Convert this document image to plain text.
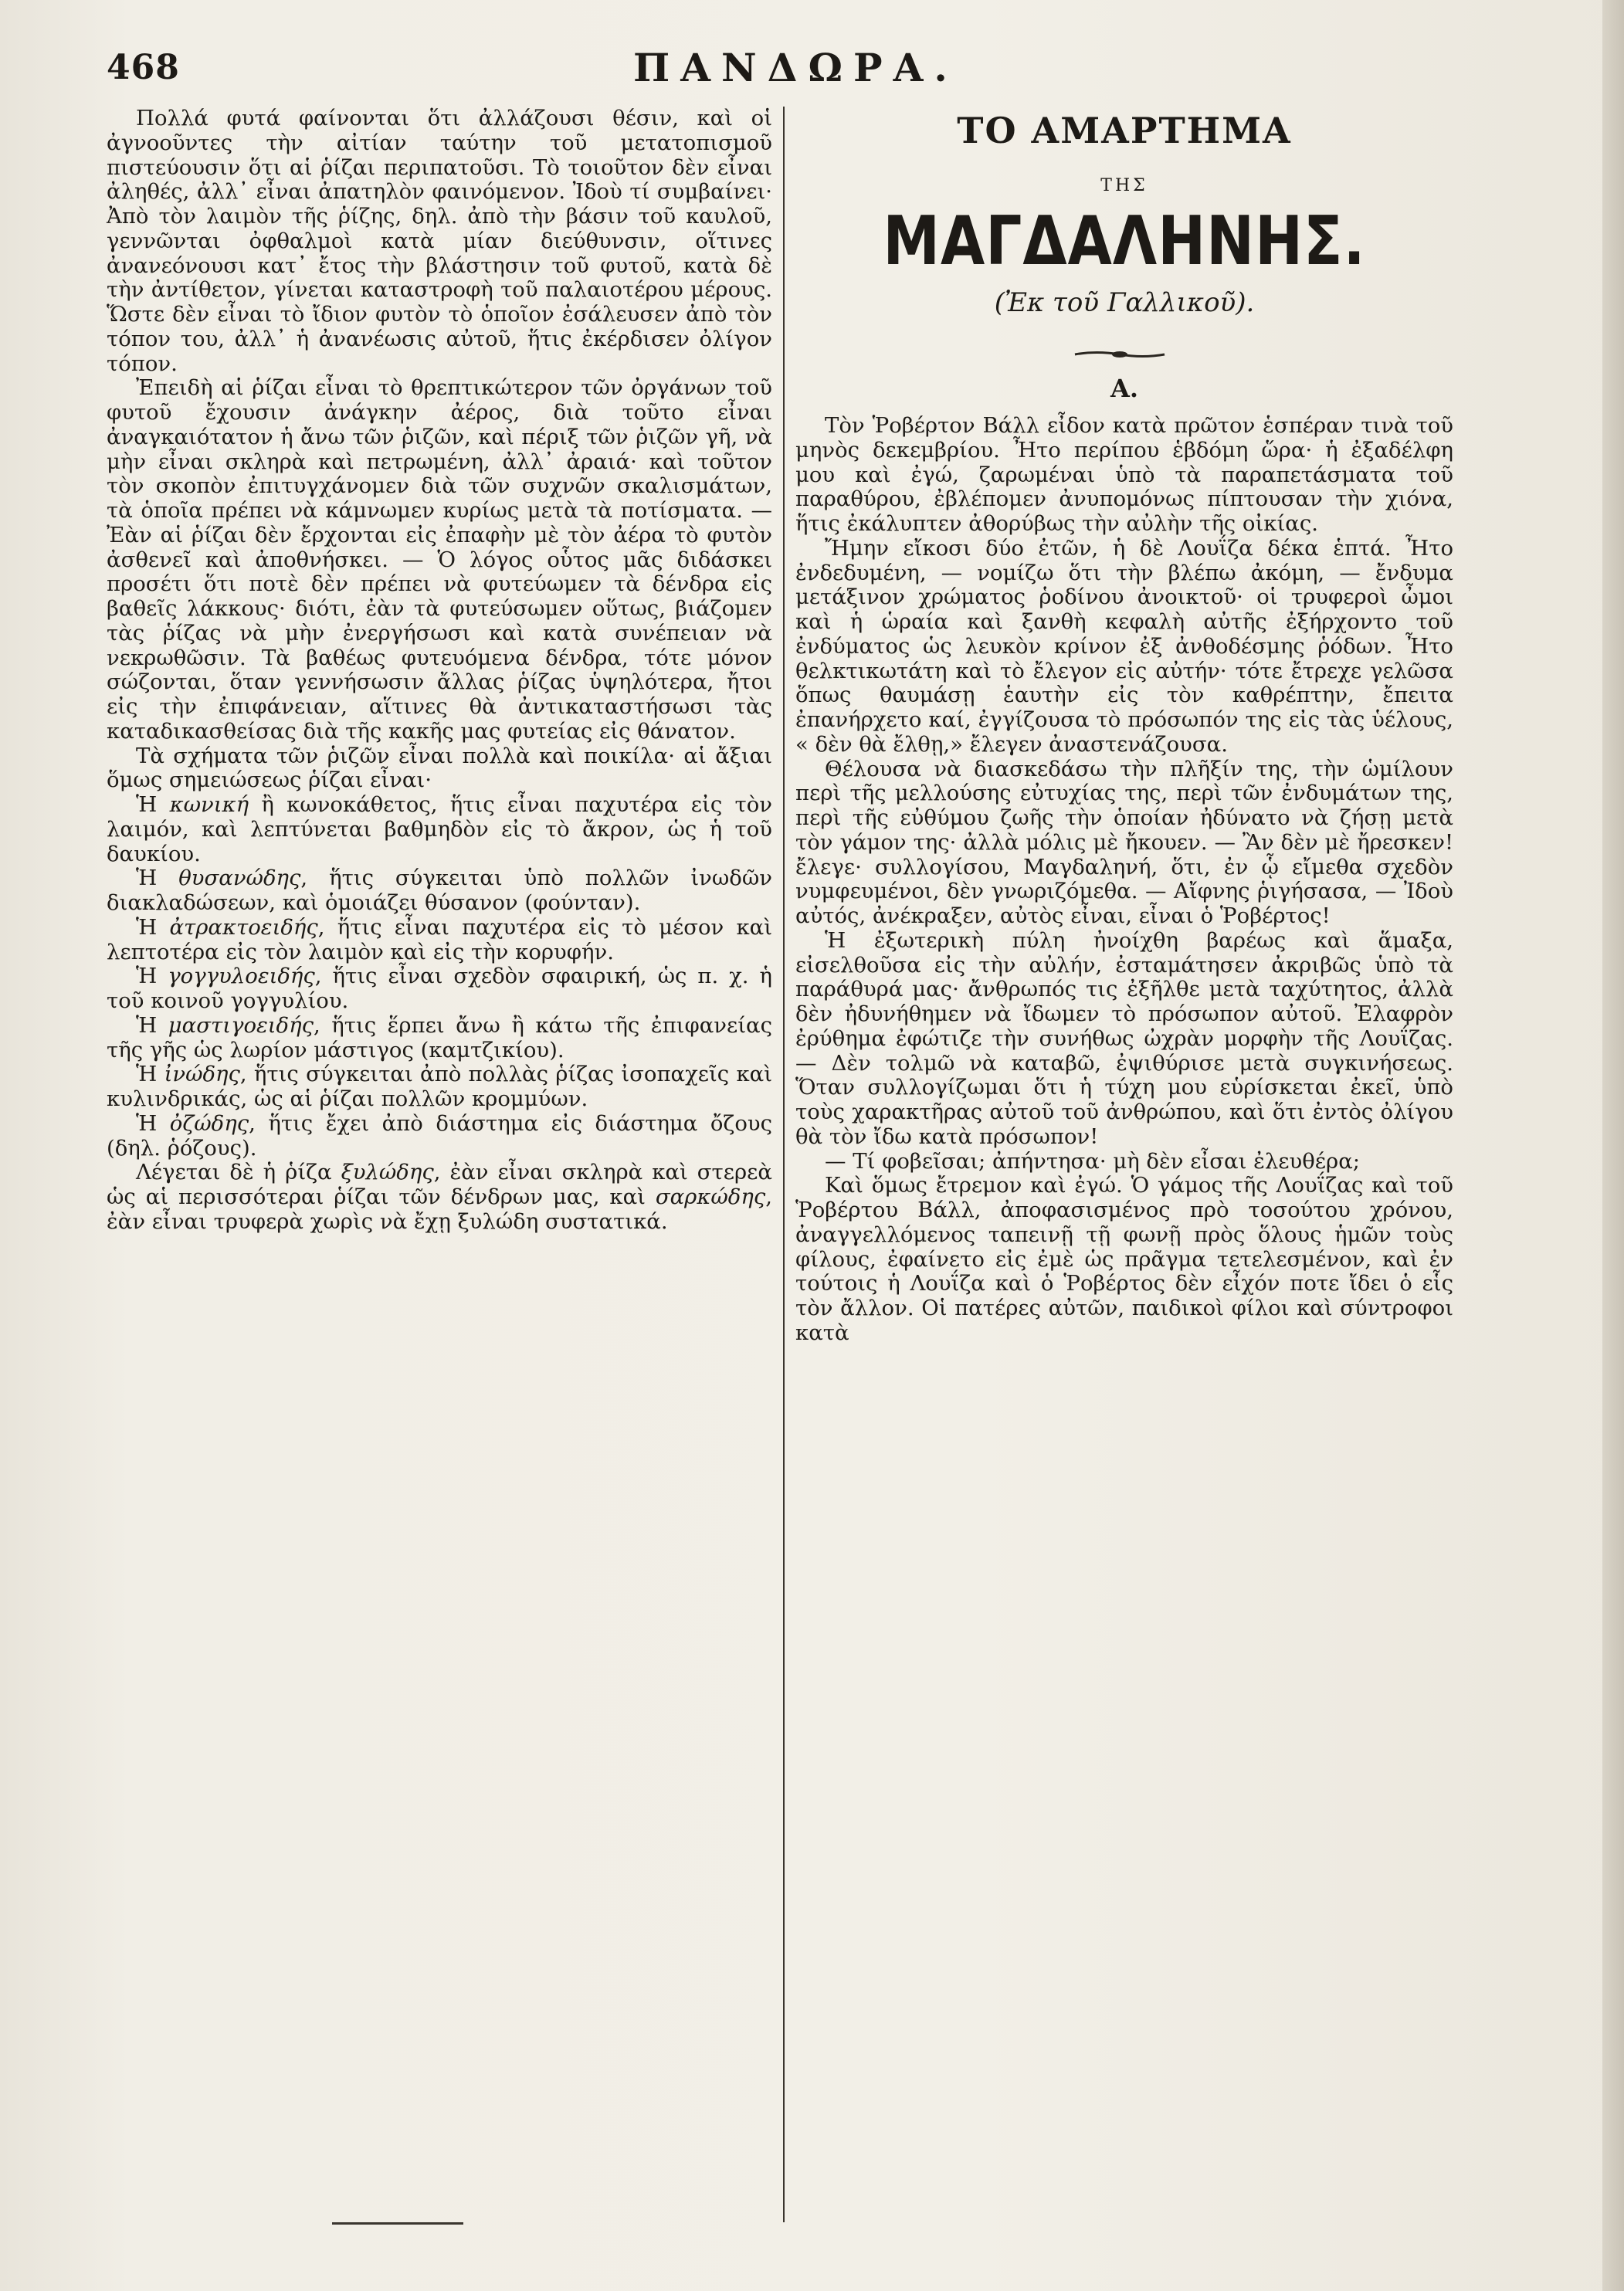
468	ΠΑΝΔΩΡΑ.

Πολλά φυτά φαίνονται ὅτι ἀλλάζουσι θέσιν, καὶ οἱ ἀγνοοῦντες τὴν αἰτίαν ταύτην τοῦ μετατοπισμοῦ πιστεύουσιν ὅτι αἱ ῥίζαι περιπατοῦσι. Τὸ τοιοῦτον δὲν εἶναι ἀληθές, ἀλλ᾽ εἶναι ἀπατηλὸν φαινόμενον. Ἰδοὺ τί συμβαίνει· Ἀπὸ τὸν λαιμὸν τῆς ῥίζης, δηλ. ἀπὸ τὴν βάσιν τοῦ καυλοῦ, γεννῶνται ὀφθαλμοὶ κατὰ μίαν διεύθυνσιν, οἵτινες ἀνανεόνουσι κατ᾽ ἔτος τὴν βλάστησιν τοῦ φυτοῦ, κατὰ δὲ τὴν ἀντίθετον, γίνεται καταστροφὴ τοῦ παλαιοτέρου μέρους. Ὥστε δὲν εἶναι τὸ ἴδιον φυτὸν τὸ ὁποῖον ἐσάλευσεν ἀπὸ τὸν τόπον του, ἀλλ᾽ ἡ ἀνανέωσις αὐτοῦ, ἥτις ἐκέρδισεν ὀλίγον τόπον.

Ἐπειδὴ αἱ ῥίζαι εἶναι τὸ θρεπτικώτερον τῶν ὀργάνων τοῦ φυτοῦ ἔχουσιν ἀνάγκην ἀέρος, διὰ τοῦτο εἶναι ἀναγκαιότατον ἡ ἄνω τῶν ῥιζῶν, καὶ πέριξ τῶν ῥιζῶν γῆ, νὰ μὴν εἶναι σκληρὰ καὶ πετρωμένη, ἀλλ᾽ ἀραιά· καὶ τοῦτον τὸν σκοπὸν ἐπιτυγχάνομεν διὰ τῶν συχνῶν σκαλισμάτων, τὰ ὁποῖα πρέπει νὰ κάμνωμεν κυρίως μετὰ τὰ ποτίσματα. — Ἐὰν αἱ ῥίζαι δὲν ἔρχονται εἰς ἐπαφὴν μὲ τὸν ἀέρα τὸ φυτὸν ἀσθενεῖ καὶ ἀποθνήσκει. — Ὁ λόγος οὗτος μᾶς διδάσκει προσέτι ὅτι ποτὲ δὲν πρέπει νὰ φυτεύωμεν τὰ δένδρα εἰς βαθεῖς λάκκους· διότι, ἐὰν τὰ φυτεύσωμεν οὕτως, βιάζομεν τὰς ῥίζας νὰ μὴν ἐνεργήσωσι καὶ κατὰ συνέπειαν νὰ νεκρωθῶσιν. Τὰ βαθέως φυτευόμενα δένδρα, τότε μόνον σώζονται, ὅταν γεννήσωσιν ἄλλας ῥίζας ὑψηλότερα, ἤτοι εἰς τὴν ἐπιφάνειαν, αἵτινες θὰ ἀντικαταστήσωσι τὰς καταδικασθείσας διὰ τῆς κακῆς μας φυτείας εἰς θάνατον.

Τὰ σχήματα τῶν ῥιζῶν εἶναι πολλὰ καὶ ποικίλα· αἱ ἄξιαι ὅμως σημειώσεως ῥίζαι εἶναι·

Ἡ κωνική ἢ κωνοκάθετος, ἥτις εἶναι παχυτέρα εἰς τὸν λαιμόν, καὶ λεπτύνεται βαθμηδὸν εἰς τὸ ἄκρον, ὡς ἡ τοῦ δαυκίου.

Ἡ θυσανώδης, ἥτις σύγκειται ὑπὸ πολλῶν ἰνωδῶν διακλαδώσεων, καὶ ὁμοιάζει θύσανον (φούνταν).

Ἡ ἀτρακτοειδής, ἥτις εἶναι παχυτέρα εἰς τὸ μέσον καὶ λεπτοτέρα εἰς τὸν λαιμὸν καὶ εἰς τὴν κορυφήν.

Ἡ γογγυλοειδής, ἥτις εἶναι σχεδὸν σφαιρική, ὡς π. χ. ἡ τοῦ κοινοῦ γογγυλίου.

Ἡ μαστιγοειδής, ἥτις ἕρπει ἄνω ἢ κάτω τῆς ἐπιφανείας τῆς γῆς ὡς λωρίον μάστιγος (καμτζικίου).

Ἡ ἰνώδης, ἥτις σύγκειται ἀπὸ πολλὰς ῥίζας ἰσοπαχεῖς καὶ κυλινδρικάς, ὡς αἱ ῥίζαι πολλῶν κρομμύων.

Ἡ ὀζώδης, ἥτις ἔχει ἀπὸ διάστημα εἰς διάστημα ὄζους (δηλ. ῥόζους).

Λέγεται δὲ ἡ ῥίζα ξυλώδης, ἐὰν εἶναι σκληρὰ καὶ στερεὰ ὡς αἱ περισσότεραι ῥίζαι τῶν δένδρων μας, καὶ σαρκώδης, ἐὰν εἶναι τρυφερὰ χωρὶς νὰ ἔχῃ ξυλώδη συστατικά.

ΤΟ ΑΜΑΡΤΗΜΑ
ΤΗΣ
ΜΑΓΔΑΛΗΝΗΣ.
(Ἐκ τοῦ Γαλλικοῦ).
Α.

Τὸν Ῥοβέρτον Βάλλ εἶδον κατὰ πρῶτον ἑσπέραν τινὰ τοῦ μηνὸς δεκεμβρίου. Ἦτο περίπου ἑβδόμη ὥρα· ἡ ἐξαδέλφη μου καὶ ἐγώ, ζαρωμέναι ὑπὸ τὰ παραπετάσματα τοῦ παραθύρου, ἐβλέπομεν ἀνυπομόνως πίπτουσαν τὴν χιόνα, ἥτις ἐκάλυπτεν ἀθορύβως τὴν αὐλὴν τῆς οἰκίας.

Ἤμην εἴκοσι δύο ἐτῶν, ἡ δὲ Λουΐζα δέκα ἑπτά. Ἦτο ἐνδεδυμένη, — νομίζω ὅτι τὴν βλέπω ἀκόμη, — ἔνδυμα μετάξινον χρώματος ῥοδίνου ἀνοικτοῦ· οἱ τρυφεροὶ ὦμοι καὶ ἡ ὡραία καὶ ξανθὴ κεφαλὴ αὐτῆς ἐξήρχοντο τοῦ ἐνδύματος ὡς λευκὸν κρίνον ἐξ ἀνθοδέσμης ῥόδων. Ἦτο θελκτικωτάτη καὶ τὸ ἔλεγον εἰς αὐτήν· τότε ἔτρεχε γελῶσα ὅπως θαυμάσῃ ἑαυτὴν εἰς τὸν καθρέπτην, ἔπειτα ἐπανήρχετο καί, ἐγγίζουσα τὸ πρόσωπόν της εἰς τὰς ὑέλους, « δὲν θὰ ἔλθῃ,» ἔλεγεν ἀναστενάζουσα.

Θέλουσα νὰ διασκεδάσω τὴν πλῆξίν της, τὴν ὡμίλουν περὶ τῆς μελλούσης εὐτυχίας της, περὶ τῶν ἐνδυμάτων της, περὶ τῆς εὐθύμου ζωῆς τὴν ὁποίαν ἠδύνατο νὰ ζήσῃ μετὰ τὸν γάμον της· ἀλλὰ μόλις μὲ ἤκουεν. — Ἂν δὲν μὲ ἤρεσκεν! ἔλεγε· συλλογίσου, Μαγδαληνή, ὅτι, ἐν ᾧ εἴμεθα σχεδὸν νυμφευμένοι, δὲν γνωριζόμεθα. — Αἴφνης ῥιγήσασα, — Ἰδοὺ αὐτός, ἀνέκραξεν, αὐτὸς εἶναι, εἶναι ὁ Ῥοβέρτος!

Ἡ ἐξωτερικὴ πύλη ἠνοίχθη βαρέως καὶ ἅμαξα, εἰσελθοῦσα εἰς τὴν αὐλήν, ἐσταμάτησεν ἀκριβῶς ὑπὸ τὰ παράθυρά μας· ἄνθρωπός τις ἐξῆλθε μετὰ ταχύτητος, ἀλλὰ δὲν ἠδυνήθημεν νὰ ἴδωμεν τὸ πρόσωπον αὐτοῦ. Ἐλαφρὸν ἐρύθημα ἐφώτιζε τὴν συνήθως ὠχρὰν μορφὴν τῆς Λουΐζας. — Δὲν τολμῶ νὰ καταβῶ, ἐψιθύρισε μετὰ συγκινήσεως. Ὅταν συλλογίζωμαι ὅτι ἡ τύχη μου εὑρίσκεται ἐκεῖ, ὑπὸ τοὺς χαρακτῆρας αὐτοῦ τοῦ ἀνθρώπου, καὶ ὅτι ἐντὸς ὀλίγου θὰ τὸν ἴδω κατὰ πρόσωπον!

— Τί φοβεῖσαι; ἀπήντησα· μὴ δὲν εἶσαι ἐλευθέρα;

Καὶ ὅμως ἔτρεμον καὶ ἐγώ. Ὁ γάμος τῆς Λουΐζας καὶ τοῦ Ῥοβέρτου Βάλλ, ἀποφασισμένος πρὸ τοσούτου χρόνου, ἀναγγελλόμενος ταπεινῇ τῇ φωνῇ πρὸς ὅλους ἡμῶν τοὺς φίλους, ἐφαίνετο εἰς ἐμὲ ὡς πρᾶγμα τετελεσμένον, καὶ ἐν τούτοις ἡ Λουΐζα καὶ ὁ Ῥοβέρτος δὲν εἶχόν ποτε ἴδει ὁ εἷς τὸν ἄλλον. Οἱ πατέρες αὐτῶν, παιδικοὶ φίλοι καὶ σύντροφοι κατὰ
